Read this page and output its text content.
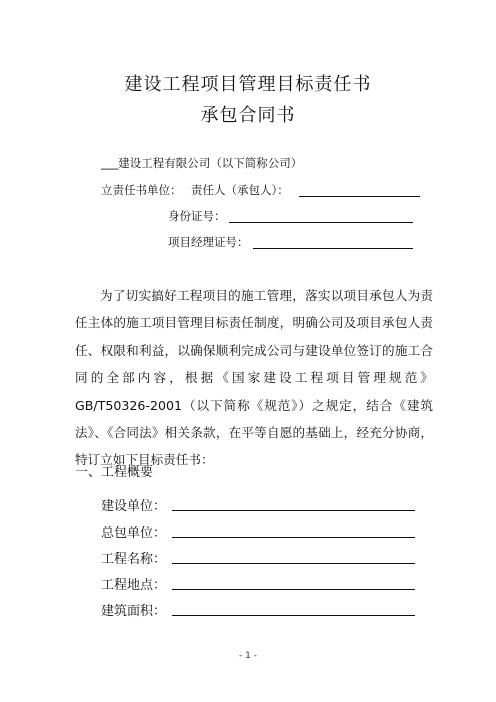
建设工程项目管理目标责任书
承包合同书
___建设工程有限公司（以下简称公司）
立责任书单位： 责任人（承包人）：
身份证号：
项目经理证号：

为了切实搞好工程项目的施工管理，落实以项目承包人为责任主体的施工项目管理目标责任制度，明确公司及项目承包人责任、权限和利益，以确保顺利完成公司与建设单位签订的施工合同的全部内容，根据《国家建设工程项目管理规范》GB/T50326-2001（以下简称《规范》）之规定，结合《建筑法》、《合同法》相关条款，在平等自愿的基础上，经充分协商，特订立如下目标责任书：

一、工程概要
建设单位：
总包单位：
工程名称：
工程地点：
建筑面积：
- 1 -
